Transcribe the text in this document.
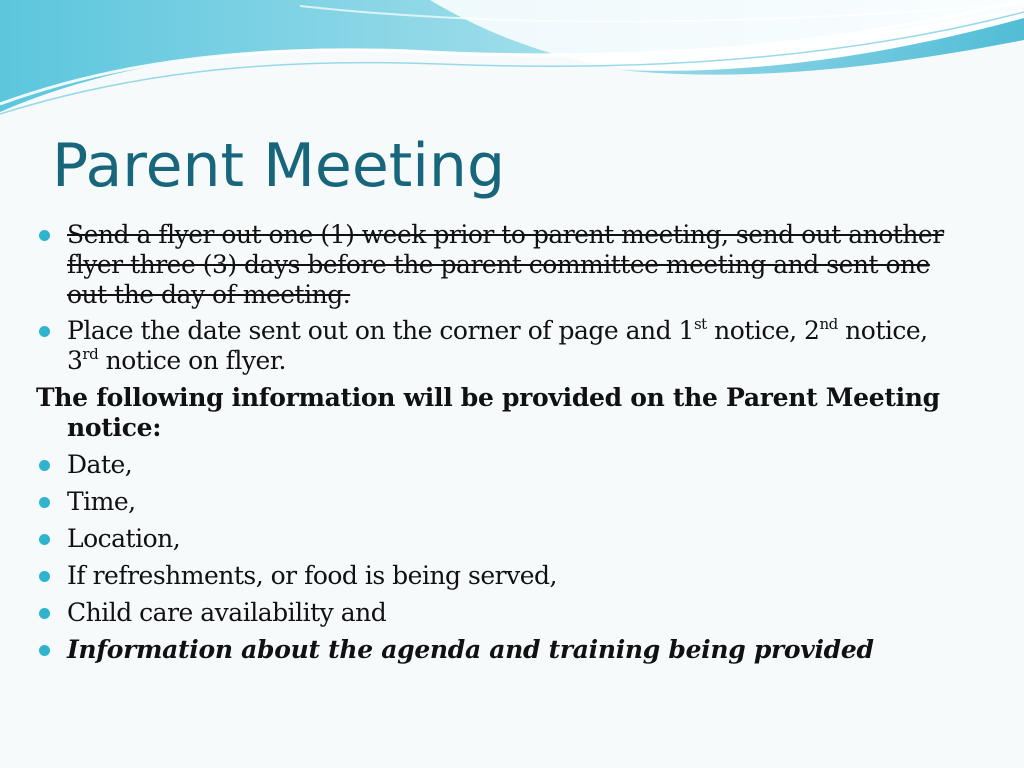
Parent Meeting
Send a flyer out one (1) week prior to parent meeting, send out another flyer three (3) days before the parent committee meeting and sent one out the day of meeting.
Place the date sent out on the corner of page and 1st notice, 2nd notice, 3rd notice on flyer.
The following information will be provided on the Parent Meeting notice:
Date,
Time,
Location,
If refreshments, or food is being served,
Child care availability and
Information about the agenda and training being provided
